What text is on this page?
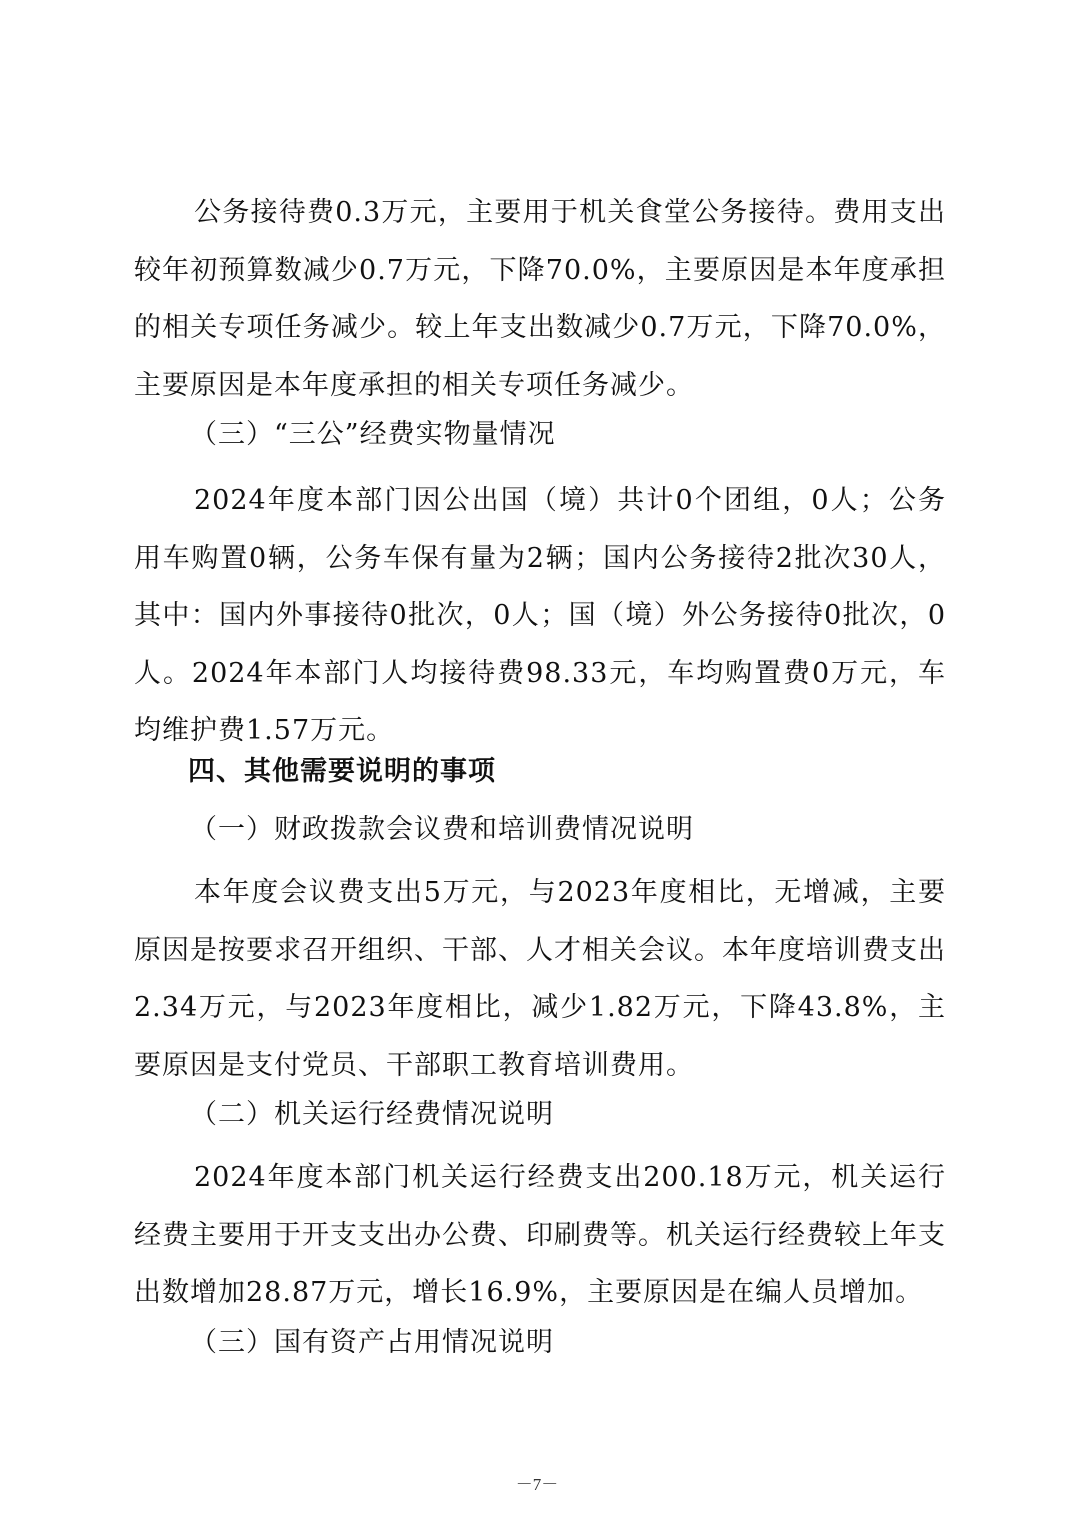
公务接待费0.3万元，主要用于机关食堂公务接待。费用支出较年初预算数减少0.7万元，下降70.0%，主要原因是本年度承担的相关专项任务减少。较上年支出数减少0.7万元，下降70.0%，主要原因是本年度承担的相关专项任务减少。

（三）“三公”经费实物量情况

2024年度本部门因公出国（境）共计0个团组，0人；公务用车购置0辆，公务车保有量为2辆；国内公务接待2批次30人，其中：国内外事接待0批次，0人；国（境）外公务接待0批次，0人。2024年本部门人均接待费98.33元，车均购置费0万元，车均维护费1.57万元。

四、其他需要说明的事项

（一）财政拨款会议费和培训费情况说明

本年度会议费支出5万元，与2023年度相比，无增减，主要原因是按要求召开组织、干部、人才相关会议。本年度培训费支出2.34万元，与2023年度相比，减少1.82万元，下降43.8%，主要原因是支付党员、干部职工教育培训费用。

（二）机关运行经费情况说明

2024年度本部门机关运行经费支出200.18万元，机关运行经费主要用于开支支出办公费、印刷费等。机关运行经费较上年支出数增加28.87万元，增长16.9%，主要原因是在编人员增加。

（三）国有资产占用情况说明

－7－
